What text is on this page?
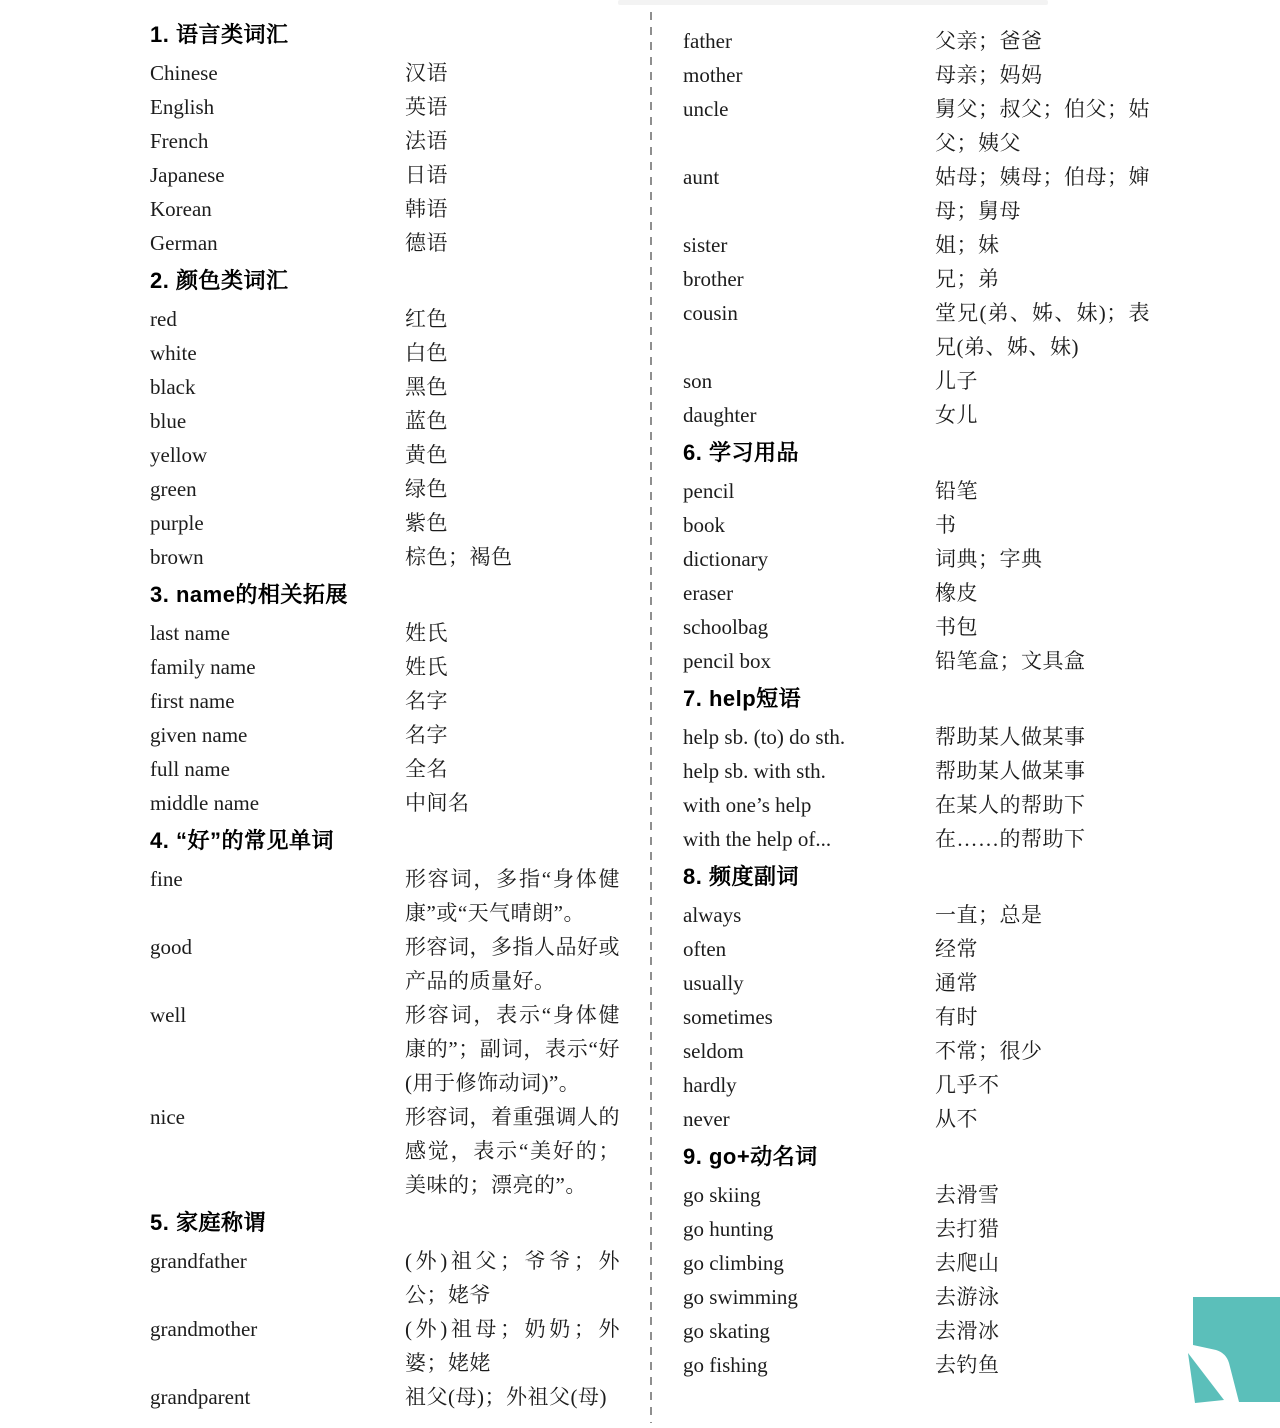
1. 语言类词汇
Chinese	汉语
English	英语
French	法语
Japanese	日语
Korean	韩语
German	德语
2. 颜色类词汇
red	红色
white	白色
black	黑色
blue	蓝色
yellow	黄色
green	绿色
purple	紫色
brown	棕色；褐色
3. name的相关拓展
last name	姓氏
family name	姓氏
first name	名字
given name	名字
full name	全名
middle name	中间名
4. “好”的常见单词
fine	形容词，多指“身体健康”或“天气晴朗”。
good	形容词，多指人品好或产品的质量好。
well	形容词，表示“身体健康的”；副词，表示“好(用于修饰动词)”。
nice	形容词，着重强调人的感觉，表示“美好的；美味的；漂亮的”。
5. 家庭称谓
grandfather	(外)祖父；爷爷；外公；姥爷
grandmother	(外)祖母；奶奶；外婆；姥姥
grandparent	祖父(母)；外祖父(母)
father	父亲；爸爸
mother	母亲；妈妈
uncle	舅父；叔父；伯父；姑父；姨父
aunt	姑母；姨母；伯母；婶母；舅母
sister	姐；妹
brother	兄；弟
cousin	堂兄(弟、姊、妹)；表兄(弟、姊、妹)
son	儿子
daughter	女儿
6. 学习用品
pencil	铅笔
book	书
dictionary	词典；字典
eraser	橡皮
schoolbag	书包
pencil box	铅笔盒；文具盒
7. help短语
help sb. (to) do sth.	帮助某人做某事
help sb. with sth.	帮助某人做某事
with one’s help	在某人的帮助下
with the help of...	在……的帮助下
8. 频度副词
always	一直；总是
often	经常
usually	通常
sometimes	有时
seldom	不常；很少
hardly	几乎不
never	从不
9. go+动名词
go skiing	去滑雪
go hunting	去打猎
go climbing	去爬山
go swimming	去游泳
go skating	去滑冰
go fishing	去钓鱼
